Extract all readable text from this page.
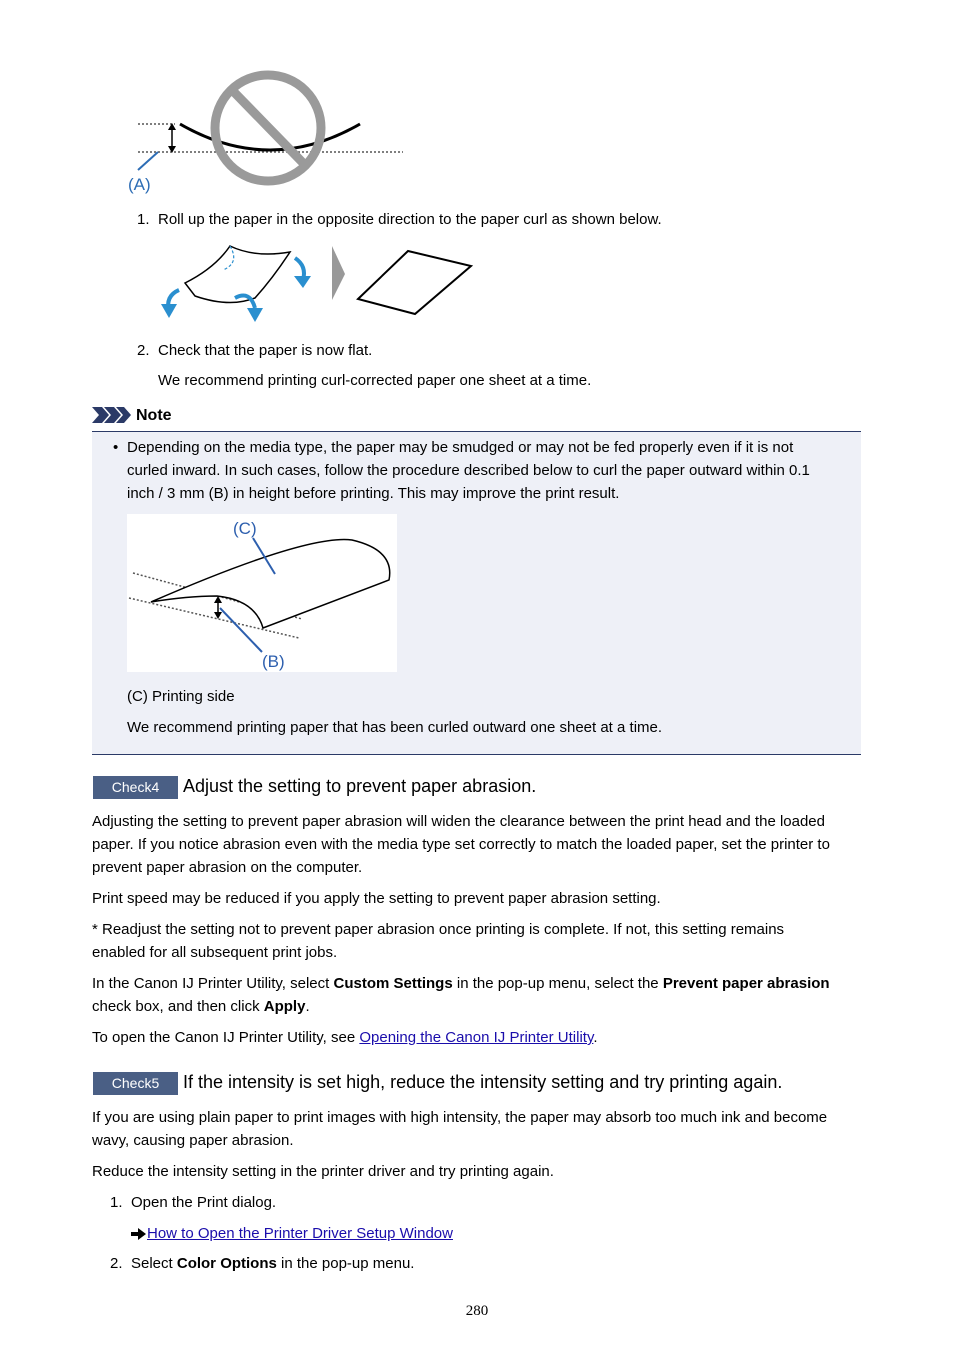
(A)
1. Roll up the paper in the opposite direction to the paper curl as shown below.
2. Check that the paper is now flat.
We recommend printing curl-corrected paper one sheet at a time.
Note
• Depending on the media type, the paper may be smudged or may not be fed properly even if it is not
curled inward. In such cases, follow the procedure described below to curl the paper outward within 0.1
inch / 3 mm (B) in height before printing. This may improve the print result.
(C)
(B)
(C) Printing side
We recommend printing paper that has been curled outward one sheet at a time.
Check4	Adjust the setting to prevent paper abrasion.
Adjusting the setting to prevent paper abrasion will widen the clearance between the print head and the loaded
paper. If you notice abrasion even with the media type set correctly to match the loaded paper, set the printer to
prevent paper abrasion on the computer.
Print speed may be reduced if you apply the setting to prevent paper abrasion setting.
* Readjust the setting not to prevent paper abrasion once printing is complete. If not, this setting remains
enabled for all subsequent print jobs.
In the Canon IJ Printer Utility, select Custom Settings in the pop-up menu, select the Prevent paper abrasion
check box, and then click Apply.
To open the Canon IJ Printer Utility, see Opening the Canon IJ Printer Utility.
Check5	If the intensity is set high, reduce the intensity setting and try printing again.
If you are using plain paper to print images with high intensity, the paper may absorb too much ink and become
wavy, causing paper abrasion.
Reduce the intensity setting in the printer driver and try printing again.
1. Open the Print dialog.
How to Open the Printer Driver Setup Window
2. Select Color Options in the pop-up menu.
280
